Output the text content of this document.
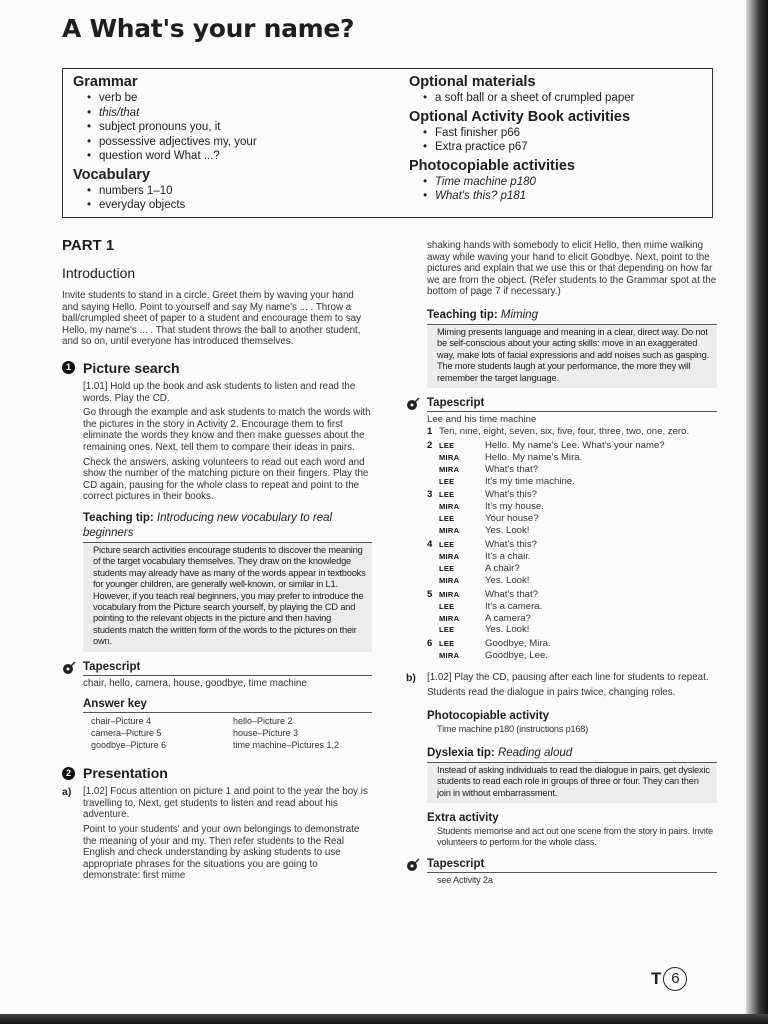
A What's your name?
Grammar
• verb be
• this/that
• subject pronouns you, it
• possessive adjectives my, your
• question word What ...?
Vocabulary
• numbers 1–10
• everyday objects
Optional materials
• a soft ball or a sheet of crumpled paper
Optional Activity Book activities
• Fast finisher p66
• Extra practice p67
Photocopiable activities
• Time machine p180
• What's this? p181
PART 1
Introduction

Invite students to stand in a circle. Greet them by waving your hand and saying Hello. Point to yourself and say My name's ... . Throw a ball/crumpled sheet of paper to a student and encourage them to say Hello, my name's ... . That student throws the ball to another student, and so on, until everyone has introduced themselves.

1 Picture search

[1.01] Hold up the book and ask students to listen and read the words. Play the CD.

Go through the example and ask students to match the words with the pictures in the story in Activity 2. Encourage them to first eliminate the words they know and then make guesses about the remaining ones. Next, tell them to compare their ideas in pairs.

Check the answers, asking volunteers to read out each word and show the number of the matching picture on their fingers. Play the CD again, pausing for the whole class to repeat and point to the correct pictures in their books.

Teaching tip: Introducing new vocabulary to real beginners
Picture search activities encourage students to discover the meaning of the target vocabulary themselves. They draw on the knowledge students may already have as many of the words appear in textbooks for younger children, are generally well-known, or similar in L1. However, if you teach real beginners, you may prefer to introduce the vocabulary from the Picture search yourself, by playing the CD and pointing to the relevant objects in the picture and then having students match the written form of the words to the pictures on their own.
Tapescript

chair, hello, camera, house, goodbye, time machine

Answer key
chair–Picture 4	hello–Picture 2
camera–Picture 5	house–Picture 3
goodbye–Picture 6	time machine–Pictures 1,2
2 Presentation
a)	[1.02] Focus attention on picture 1 and point to the year the boy is travelling to. Next, get students to listen and read about his adventure.

Point to your students' and your own belongings to demonstrate the meaning of your and my. Then refer students to the Real English and check understanding by asking students to use appropriate phrases for the situations you are going to demonstrate: first mime

shaking hands with somebody to elicit Hello, then mime walking away while waving your hand to elicit Goodbye. Next, point to the pictures and explain that we use this or that depending on how far we are from the object. (Refer students to the Grammar spot at the bottom of page 7 if necessary.)

Teaching tip: Miming
Miming presents language and meaning in a clear, direct way. Do not be self-conscious about your acting skills: move in an exaggerated way, make lots of facial expressions and add noises such as gasping. The more students laugh at your performance, the more they will remember the target language.
Tapescript
Lee and his time machine
1 Ten, nine, eight, seven, six, five, four, three, two, one, zero.
2 LEE	Hello. My name's Lee. What's your name?
MIRA	Hello. My name's Mira.
MIRA	What's that?
LEE	It's my time machine.
3 LEE	What's this?
MIRA	It's my house.
LEE	Your house?
MIRA	Yes. Look!
4 LEE	What's this?
MIRA	It's a chair.
LEE	A chair?
MIRA	Yes. Look!
5 MIRA	What's that?
LEE	It's a camera.
MIRA	A camera?
LEE	Yes. Look!
6 LEE	Goodbye, Mira.
MIRA	Goodbye, Lee.
b)	[1.02] Play the CD, pausing after each line for students to repeat.

Students read the dialogue in pairs twice, changing roles.

Photocopiable activity
Time machine p180 (instructions p168)
Dyslexia tip: Reading aloud
Instead of asking individuals to read the dialogue in pairs, get dyslexic students to read each role in groups of three or four. They can then join in without embarrassment.
Extra activity
Students memorise and act out one scene from the story in pairs. Invite volunteers to perform for the whole class.
Tapescript
see Activity 2a
T 6
